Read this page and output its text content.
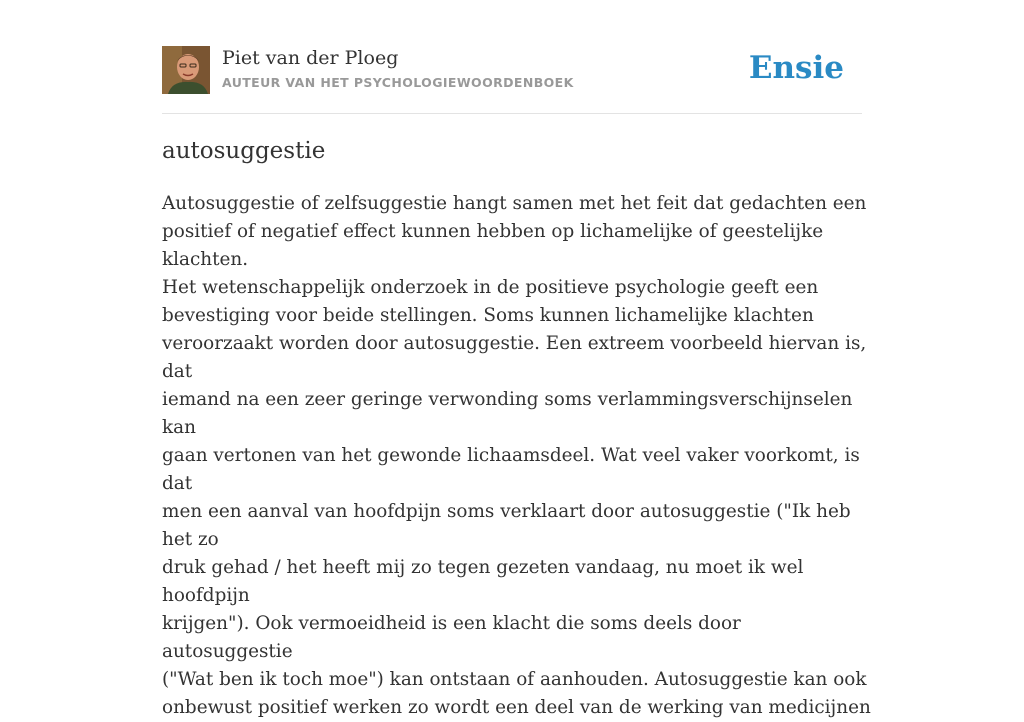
Piet van der Ploeg
AUTEUR VAN HET PSYCHOLOGIEWOORDENBOEK	Ensie
autosuggestie

Autosuggestie of zelfsuggestie hangt samen met het feit dat gedachten een
positief of negatief effect kunnen hebben op lichamelijke of geestelijke klachten.
Het wetenschappelijk onderzoek in de positieve psychologie geeft een
bevestiging voor beide stellingen. Soms kunnen lichamelijke klachten
veroorzaakt worden door autosuggestie. Een extreem voorbeeld hiervan is, dat
iemand na een zeer geringe verwonding soms verlammingsverschijnselen kan
gaan vertonen van het gewonde lichaamsdeel. Wat veel vaker voorkomt, is dat
men een aanval van hoofdpijn soms verklaart door autosuggestie ("Ik heb het zo
druk gehad / het heeft mij zo tegen gezeten vandaag, nu moet ik wel hoofdpijn
krijgen"). Ook vermoeidheid is een klacht die soms deels door autosuggestie
("Wat ben ik toch moe") kan ontstaan of aanhouden. Autosuggestie kan ook
onbewust positief werken zo wordt een deel van de werking van medicijnen
